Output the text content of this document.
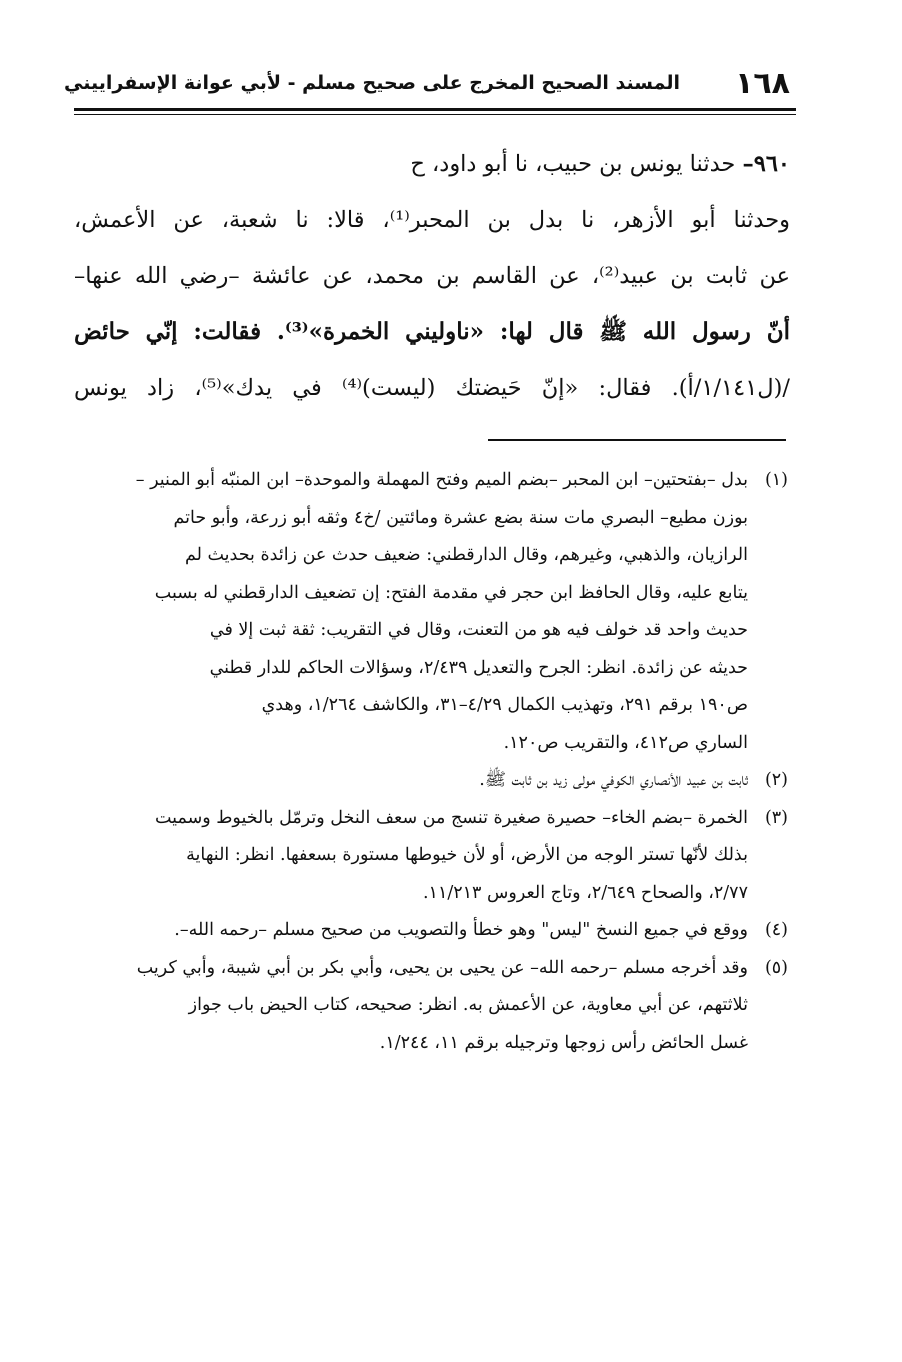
١٦٨
المسند الصحيح المخرج على صحيح مسلم - لأبي عوانة الإسفراييني
٩٦٠– حدثنا يونس بن حبيب، نا أبو داود، ح
وحدثنا أبو الأزهر، نا بدل بن المحبر⁽¹⁾، قالا: نا شعبة، عن الأعمش،
عن ثابت بن عبيد⁽²⁾، عن القاسم بن محمد، عن عائشة –رضي الله عنها–
أنّ رسول الله ﷺ قال لها: «ناوليني الخمرة»⁽³⁾. فقالت: إنّي حائض
/(ل١/١٤١/أ). فقال: «إنّ حَيضتك (ليست)⁽⁴⁾ في يدك»⁽⁵⁾، زاد يونس
(١)
بدل –بفتحتين– ابن المحبر –بضم الميم وفتح المهملة والموحدة– ابن المنبّه أبو المنير –
بوزن مطيع– البصري مات سنة بضع عشرة ومائتين /خ٤ وثقه أبو زرعة، وأبو حاتم
الرازيان، والذهبي، وغيرهم، وقال الدارقطني: ضعيف حدث عن زائدة بحديث لم
يتابع عليه، وقال الحافظ ابن حجر في مقدمة الفتح: إن تضعيف الدارقطني له بسبب
حديث واحد قد خولف فيه هو من التعنت، وقال في التقريب: ثقة ثبت إلا في
حديثه عن زائدة. انظر: الجرح والتعديل ٢/٤٣٩، وسؤالات الحاكم للدار قطني
ص١٩٠ برقم ٢٩١، وتهذيب الكمال ٤/٢٩–٣١، والكاشف ١/٢٦٤، وهدي
الساري ص٤١٢، والتقريب ص١٢٠.
(٢)
ثابت بن عبيد الأنصاري الكوفي مولى زيد بن ثابت ﷺ.
(٣)
الخمرة –بضم الخاء– حصيرة صغيرة تنسج من سعف النخل وترمّل بالخيوط وسميت
بذلك لأنّها تستر الوجه من الأرض، أو لأن خيوطها مستورة بسعفها. انظر: النهاية
٢/٧٧، والصحاح ٢/٦٤٩، وتاج العروس ١١/٢١٣.
(٤)
ووقع في جميع النسخ "ليس" وهو خطأ والتصويب من صحيح مسلم –رحمه الله–.
(٥)
وقد أخرجه مسلم –رحمه الله– عن يحيى بن يحيى، وأبي بكر بن أبي شيبة، وأبي كريب
ثلاثتهم، عن أبي معاوية، عن الأعمش به. انظر: صحيحه، كتاب الحيض باب جواز
غسل الحائض رأس زوجها وترجيله برقم ١١، ١/٢٤٤.
